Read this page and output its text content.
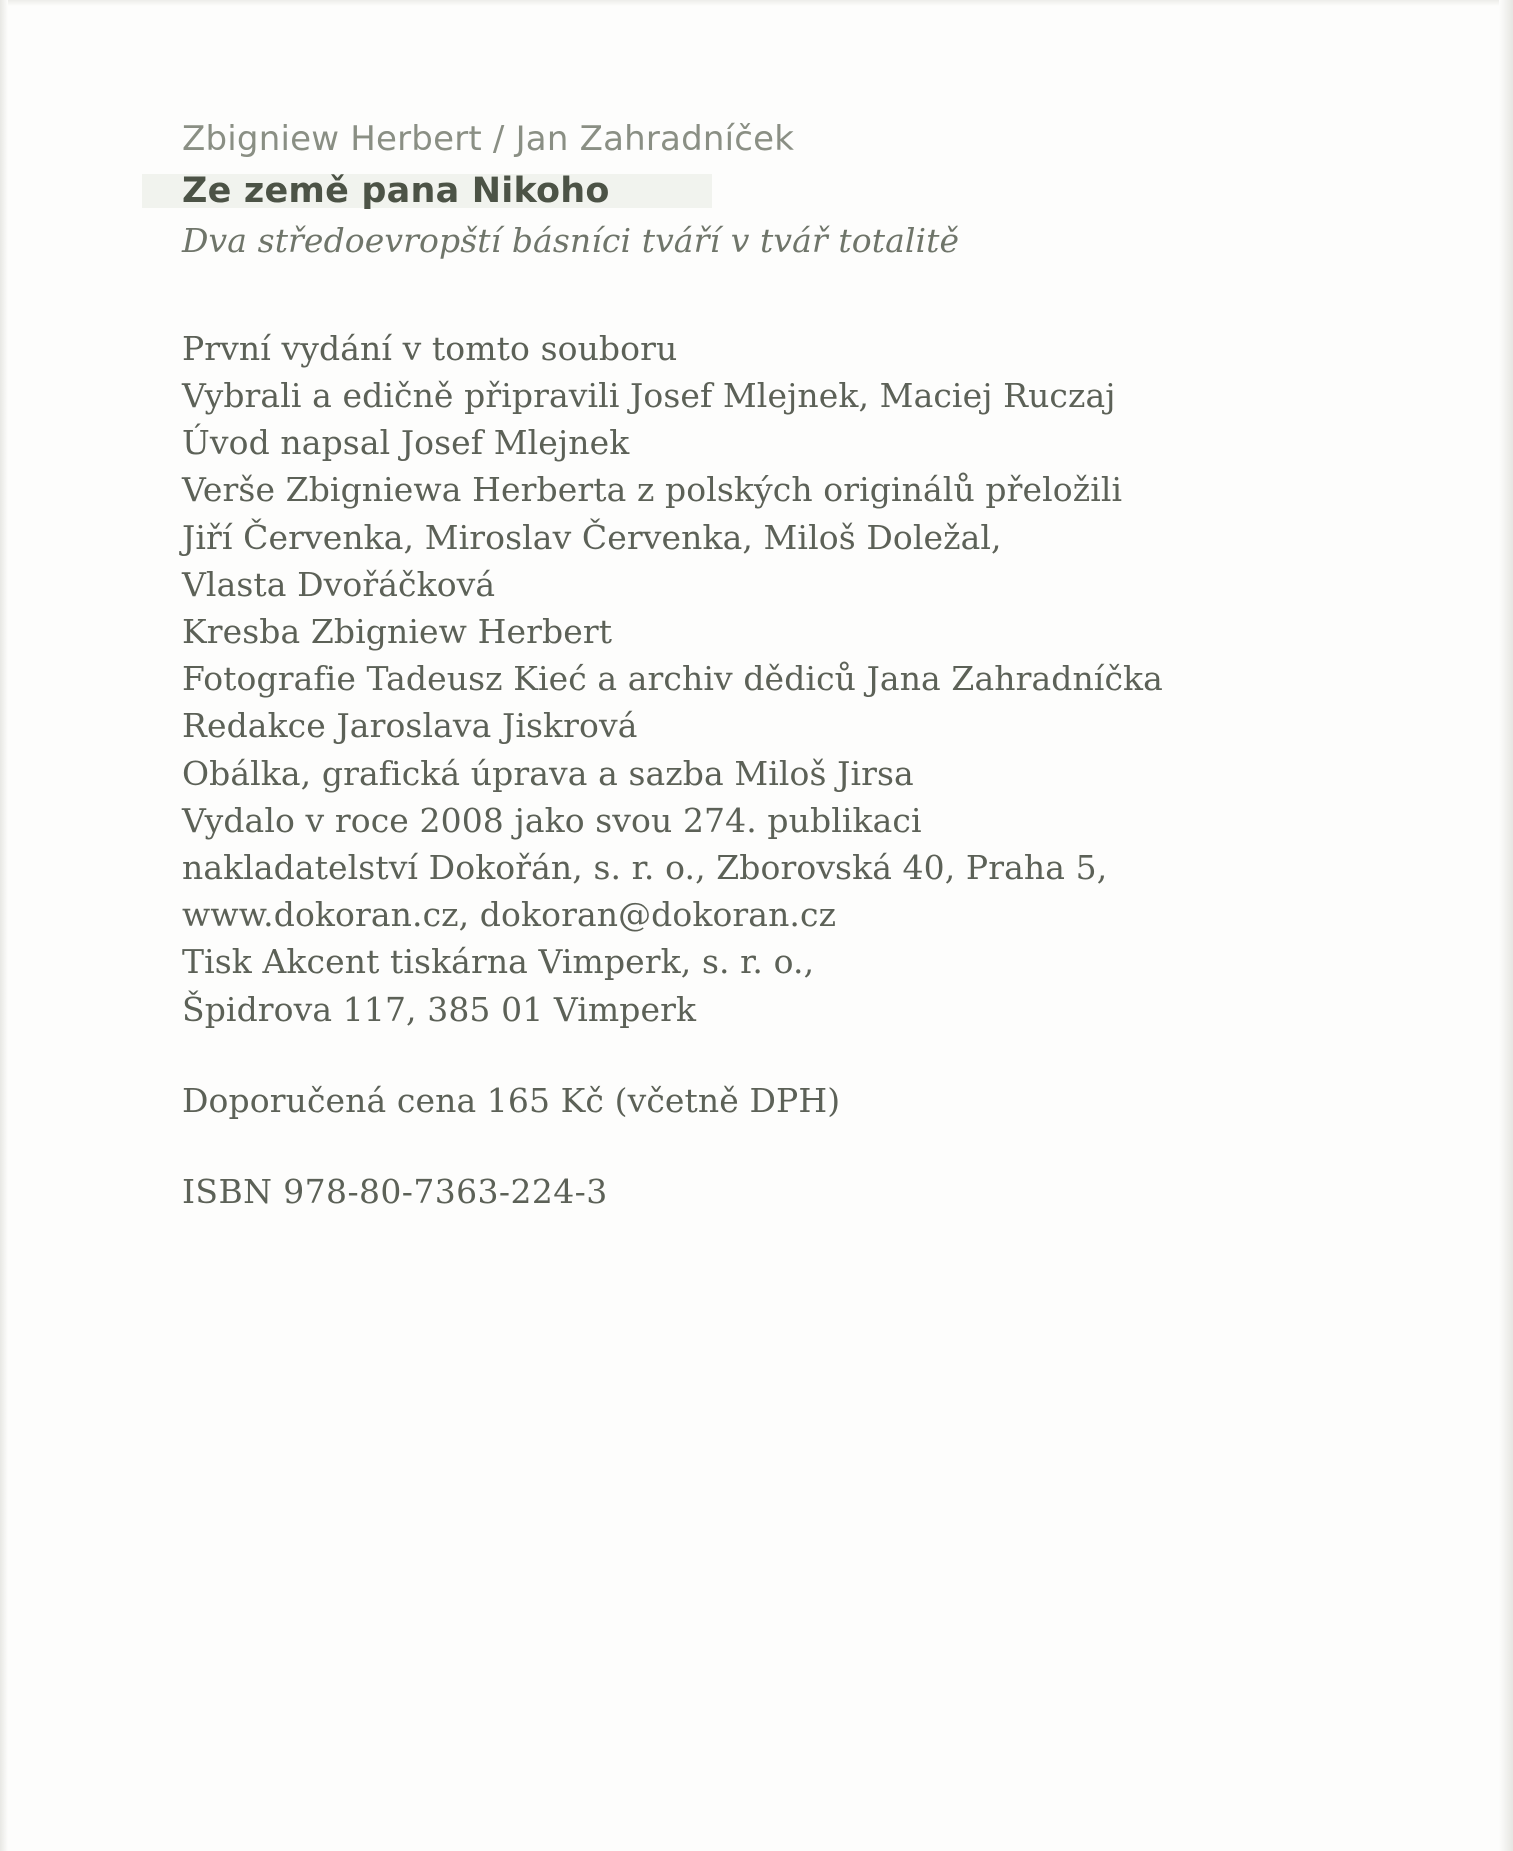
Zbigniew Herbert / Jan Zahradníček

Ze země pana Nikoho

Dva středoevropští básníci tváří v tvář totalitě

První vydání v tomto souboru
Vybrali a edičně připravili Josef Mlejnek, Maciej Ruczaj
Úvod napsal Josef Mlejnek
Verše Zbigniewa Herberta z polských originálů přeložili
Jiří Červenka, Miroslav Červenka, Miloš Doležal,
Vlasta Dvořáčková
Kresba Zbigniew Herbert
Fotografie Tadeusz Kieć a archiv dědiců Jana Zahradníčka
Redakce Jaroslava Jiskrová
Obálka, grafická úprava a sazba Miloš Jirsa
Vydalo v roce 2008 jako svou 274. publikaci
nakladatelství Dokořán, s. r. o., Zborovská 40, Praha 5,
www.dokoran.cz, dokoran@dokoran.cz
Tisk Akcent tiskárna Vimperk, s. r. o.,
Špidrova 117, 385 01 Vimperk
Doporučená cena 165 Kč (včetně DPH)
ISBN 978-80-7363-224-3
